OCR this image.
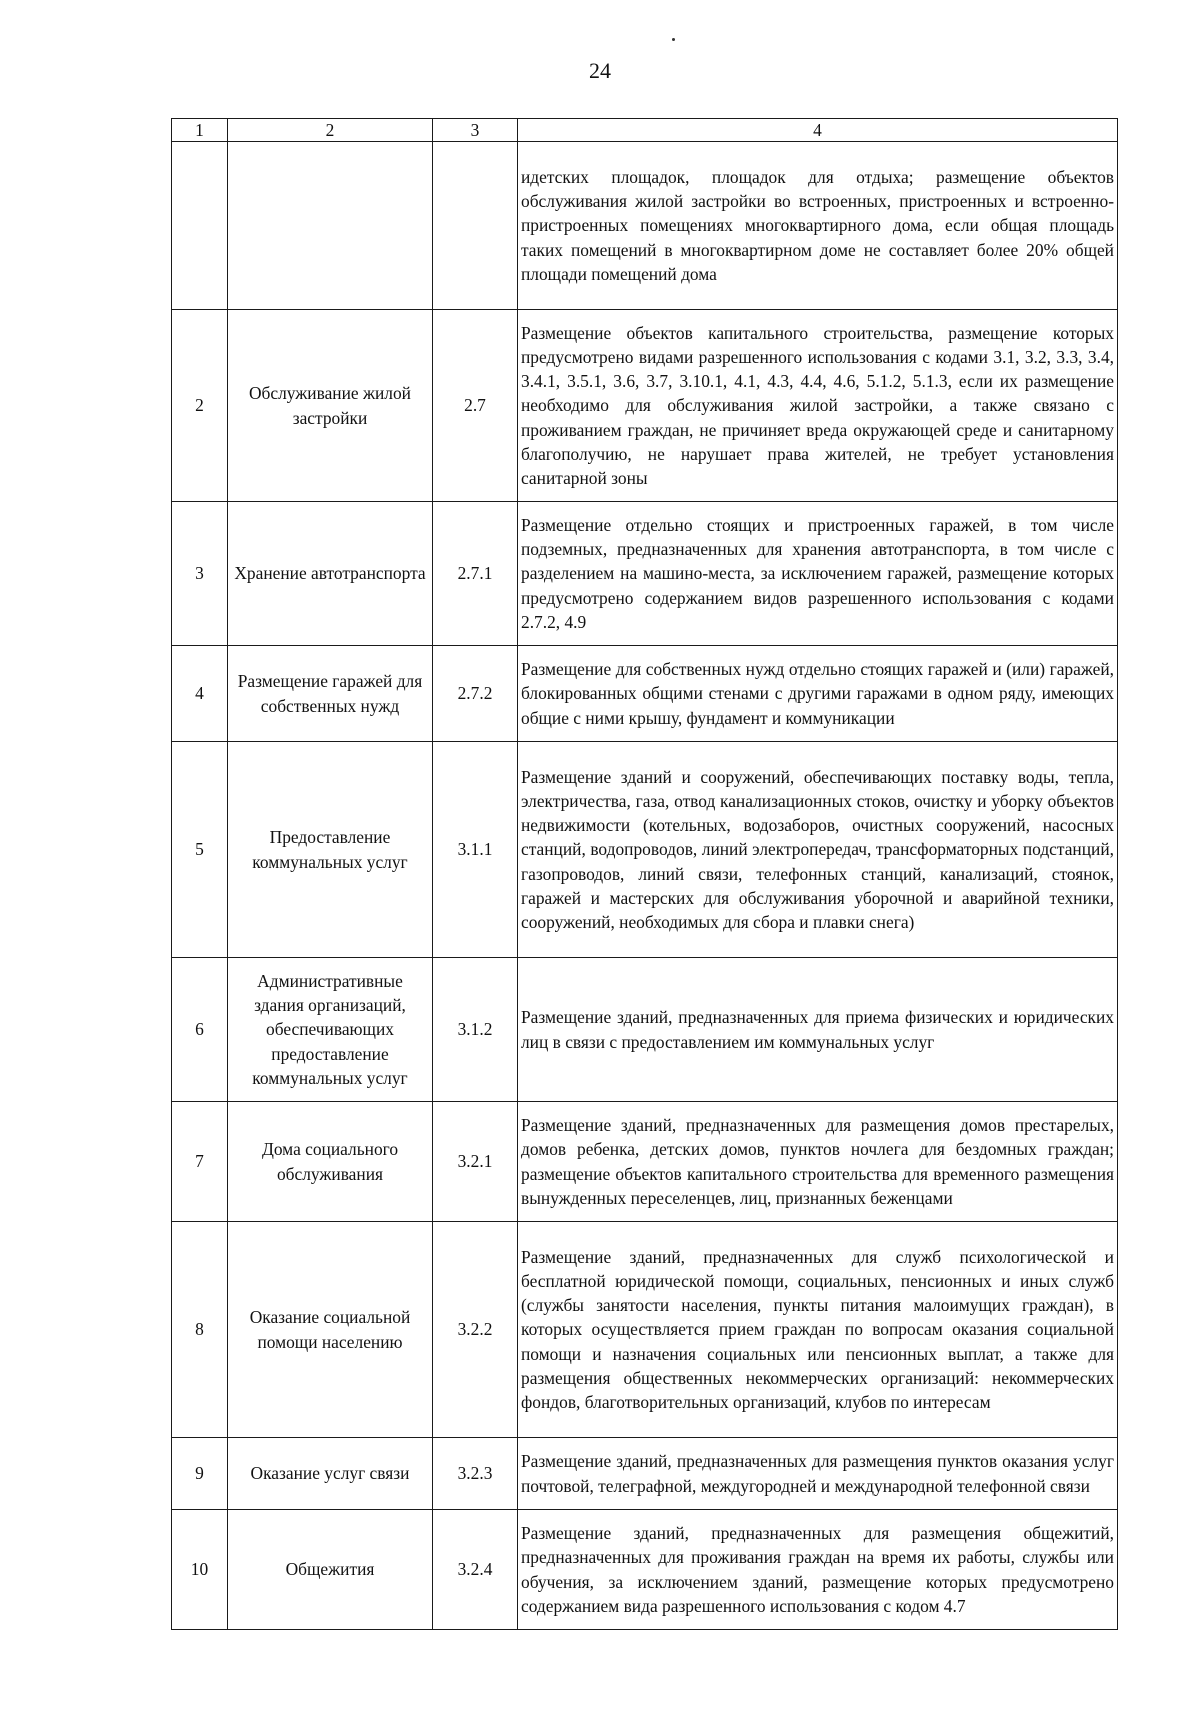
24
1	2	3	4
			идетских площадок, площадок для отдыха; размещение объектов обслуживания жилой застройки во встроенных, пристроенных и встроенно-пристроенных помещениях многоквартирного дома, если общая площадь таких помещений в многоквартирном доме не составляет более 20% общей площади помещений дома
2	Обслуживание жилой застройки	2.7	Размещение объектов капитального строительства, размещение которых предусмотрено видами разрешенного использования с кодами 3.1, 3.2, 3.3, 3.4, 3.4.1, 3.5.1, 3.6, 3.7, 3.10.1, 4.1, 4.3, 4.4, 4.6, 5.1.2, 5.1.3, если их размещение необходимо для обслуживания жилой застройки, а также связано с проживанием граждан, не причиняет вреда окружающей среде и санитарному благополучию, не нарушает права жителей, не требует установления санитарной зоны
3	Хранение автотранспорта	2.7.1	Размещение отдельно стоящих и пристроенных гаражей, в том числе подземных, предназначенных для хранения автотранспорта, в том числе с разделением на машино-места, за исключением гаражей, размещение которых предусмотрено содержанием видов разрешенного использования с кодами 2.7.2, 4.9
4	Размещение гаражей для собственных нужд	2.7.2	Размещение для собственных нужд отдельно стоящих гаражей и (или) гаражей, блокированных общими стенами с другими гаражами в одном ряду, имеющих общие с ними крышу, фундамент и коммуникации
5	Предоставление коммунальных услуг	3.1.1	Размещение зданий и сооружений, обеспечивающих поставку воды, тепла, электричества, газа, отвод канализационных стоков, очистку и уборку объектов недвижимости (котельных, водозаборов, очистных сооружений, насосных станций, водопроводов, линий электропередач, трансформаторных подстанций, газопроводов, линий связи, телефонных станций, канализаций, стоянок, гаражей и мастерских для обслуживания уборочной и аварийной техники, сооружений, необходимых для сбора и плавки снега)
6	Административные здания организаций, обеспечивающих предоставление коммунальных услуг	3.1.2	Размещение зданий, предназначенных для приема физических и юридических лиц в связи с предоставлением им коммунальных услуг
7	Дома социального обслуживания	3.2.1	Размещение зданий, предназначенных для размещения домов престарелых, домов ребенка, детских домов, пунктов ночлега для бездомных граждан; размещение объектов капитального строительства для временного размещения вынужденных переселенцев, лиц, признанных беженцами
8	Оказание социальной помощи населению	3.2.2	Размещение зданий, предназначенных для служб психологической и бесплатной юридической помощи, социальных, пенсионных и иных служб (службы занятости населения, пункты питания малоимущих граждан), в которых осуществляется прием граждан по вопросам оказания социальной помощи и назначения социальных или пенсионных выплат, а также для размещения общественных некоммерческих организаций: некоммерческих фондов, благотворительных организаций, клубов по интересам
9	Оказание услуг связи	3.2.3	Размещение зданий, предназначенных для размещения пунктов оказания услуг почтовой, телеграфной, междугородней и международной телефонной связи
10	Общежития	3.2.4	Размещение зданий, предназначенных для размещения общежитий, предназначенных для проживания граждан на время их работы, службы или обучения, за исключением зданий, размещение которых предусмотрено содержанием вида разрешенного использования с кодом 4.7
